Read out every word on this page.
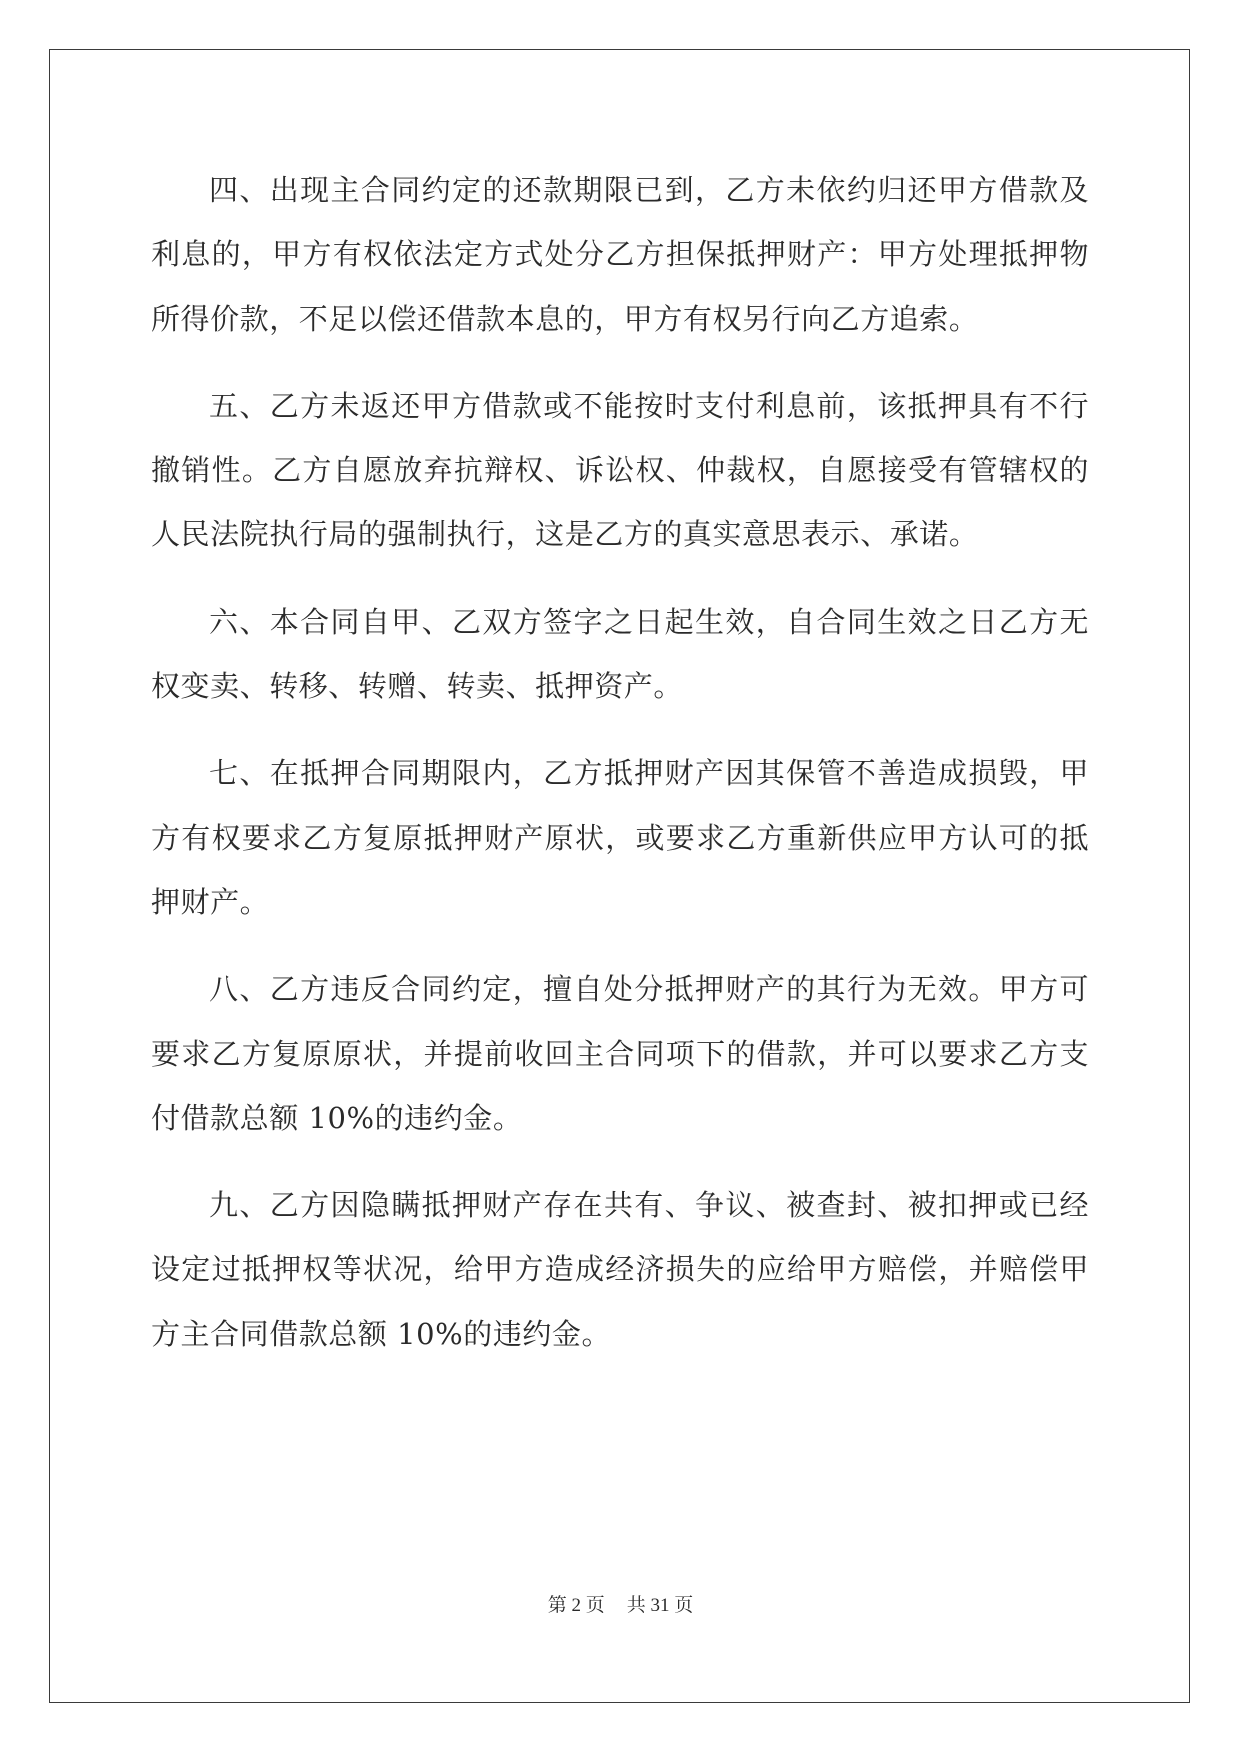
四、出现主合同约定的还款期限已到，乙方未依约归还甲方借款及利息的，甲方有权依法定方式处分乙方担保抵押财产：甲方处理抵押物所得价款，不足以偿还借款本息的，甲方有权另行向乙方追索。

五、乙方未返还甲方借款或不能按时支付利息前，该抵押具有不行撤销性。乙方自愿放弃抗辩权、诉讼权、仲裁权，自愿接受有管辖权的人民法院执行局的强制执行，这是乙方的真实意思表示、承诺。

六、本合同自甲、乙双方签字之日起生效，自合同生效之日乙方无权变卖、转移、转赠、转卖、抵押资产。

七、在抵押合同期限内，乙方抵押财产因其保管不善造成损毁，甲方有权要求乙方复原抵押财产原状，或要求乙方重新供应甲方认可的抵押财产。

八、乙方违反合同约定，擅自处分抵押财产的其行为无效。甲方可要求乙方复原原状，并提前收回主合同项下的借款，并可以要求乙方支付借款总额 10%的违约金。

九、乙方因隐瞒抵押财产存在共有、争议、被查封、被扣押或已经设定过抵押权等状况，给甲方造成经济损失的应给甲方赔偿，并赔偿甲方主合同借款总额 10%的违约金。

第 2 页 共 31 页
